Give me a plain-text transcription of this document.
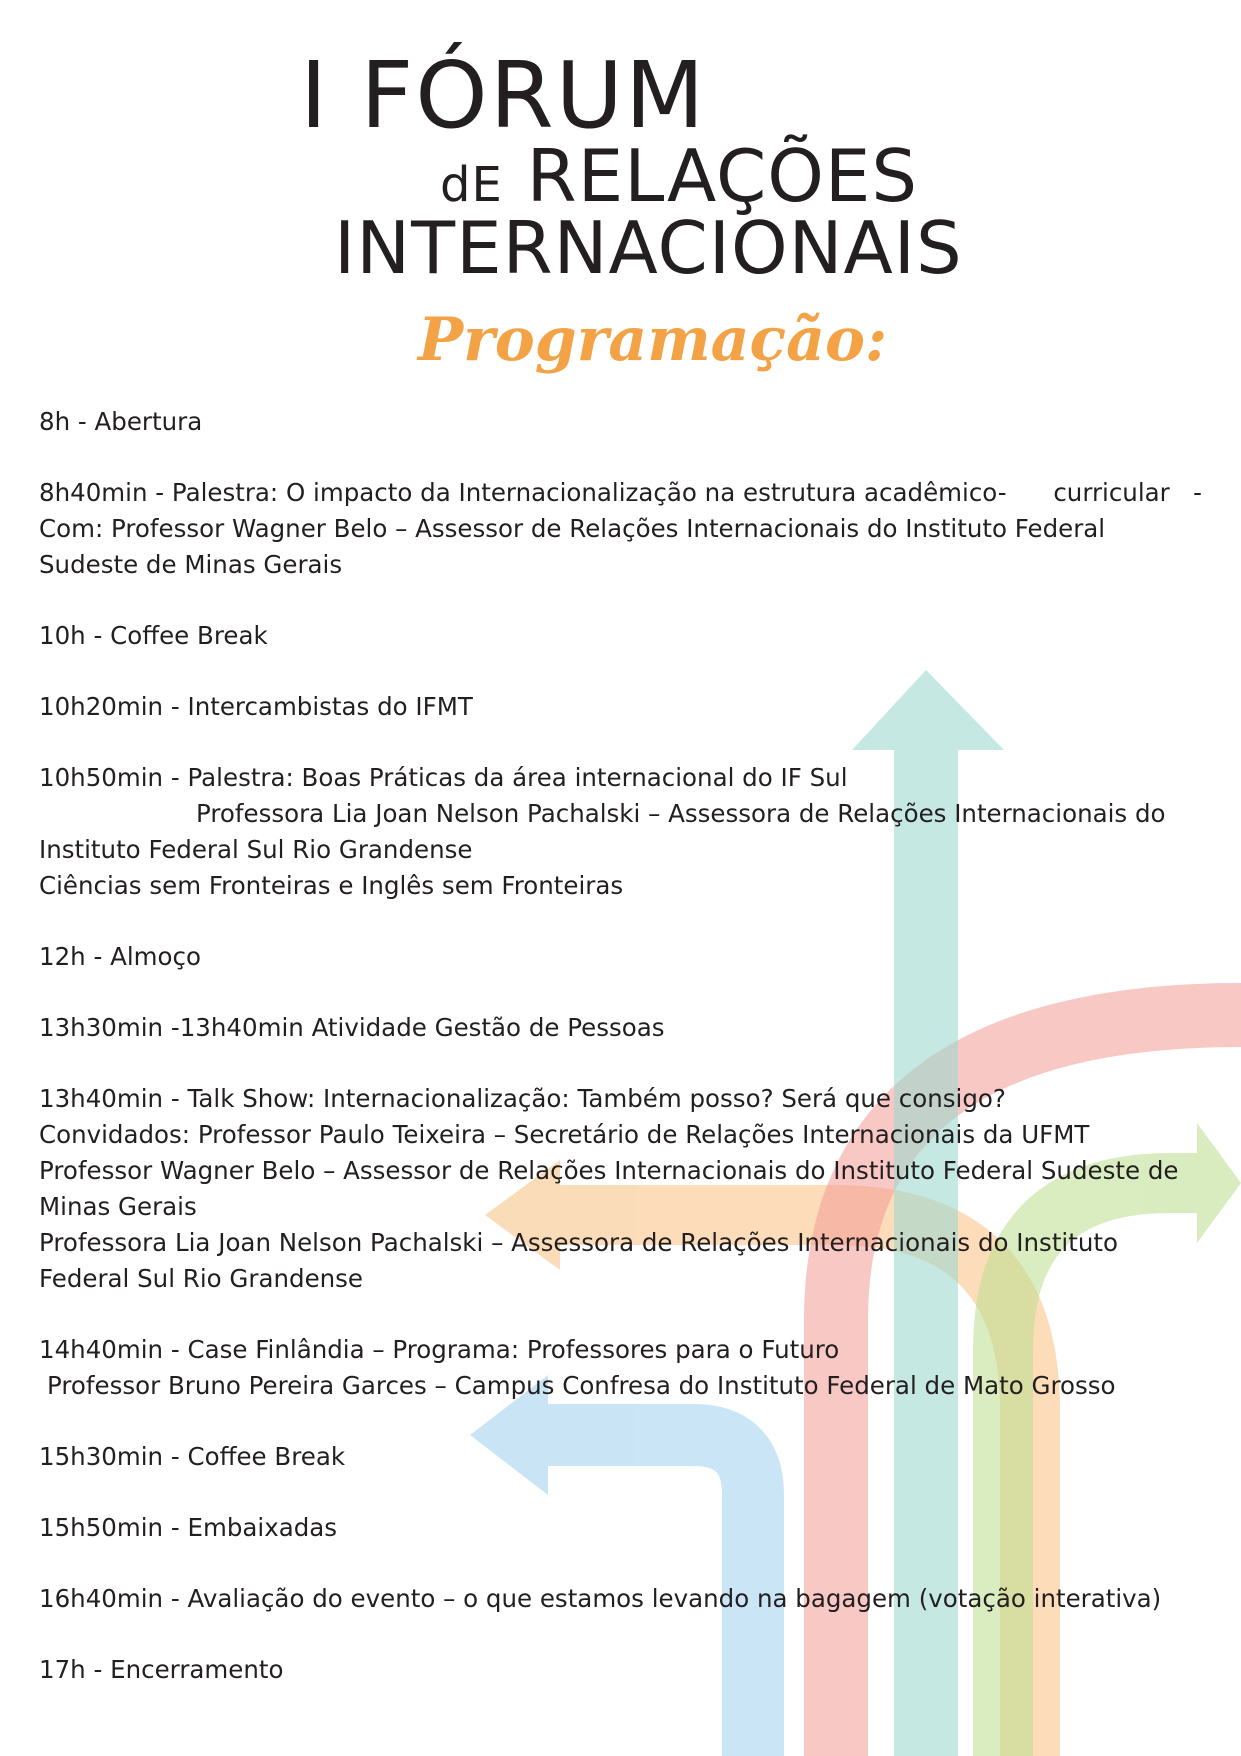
I FÓRUM
dE RELAÇÕES
INTERNACIONAIS
Programação:
8h - Abertura
8h40min - Palestra: O impacto da Internacionalização na estrutura acadêmico-      curricular   - Com: Professor Wagner Belo – Assessor de Relações Internacionais do Instituto Federal Sudeste de Minas Gerais
10h - Coffee Break
10h20min - Intercambistas do IFMT
10h50min - Palestra: Boas Práticas da área internacional do IF Sul
Professora Lia Joan Nelson Pachalski – Assessora de Relações Internacionais do Instituto Federal Sul Rio Grandense
Ciências sem Fronteiras e Inglês sem Fronteiras
12h - Almoço
13h30min -13h40min Atividade Gestão de Pessoas
13h40min - Talk Show: Internacionalização: Também posso? Será que consigo?
Convidados: Professor Paulo Teixeira – Secretário de Relações Internacionais da UFMT
Professor Wagner Belo – Assessor de Relações Internacionais do Instituto Federal Sudeste de Minas Gerais
Professora Lia Joan Nelson Pachalski – Assessora de Relações Internacionais do Instituto Federal Sul Rio Grandense
14h40min - Case Finlândia – Programa: Professores para o Futuro
Professor Bruno Pereira Garces – Campus Confresa do Instituto Federal de Mato Grosso
15h30min - Coffee Break
15h50min - Embaixadas
16h40min - Avaliação do evento – o que estamos levando na bagagem (votação interativa)
17h - Encerramento
